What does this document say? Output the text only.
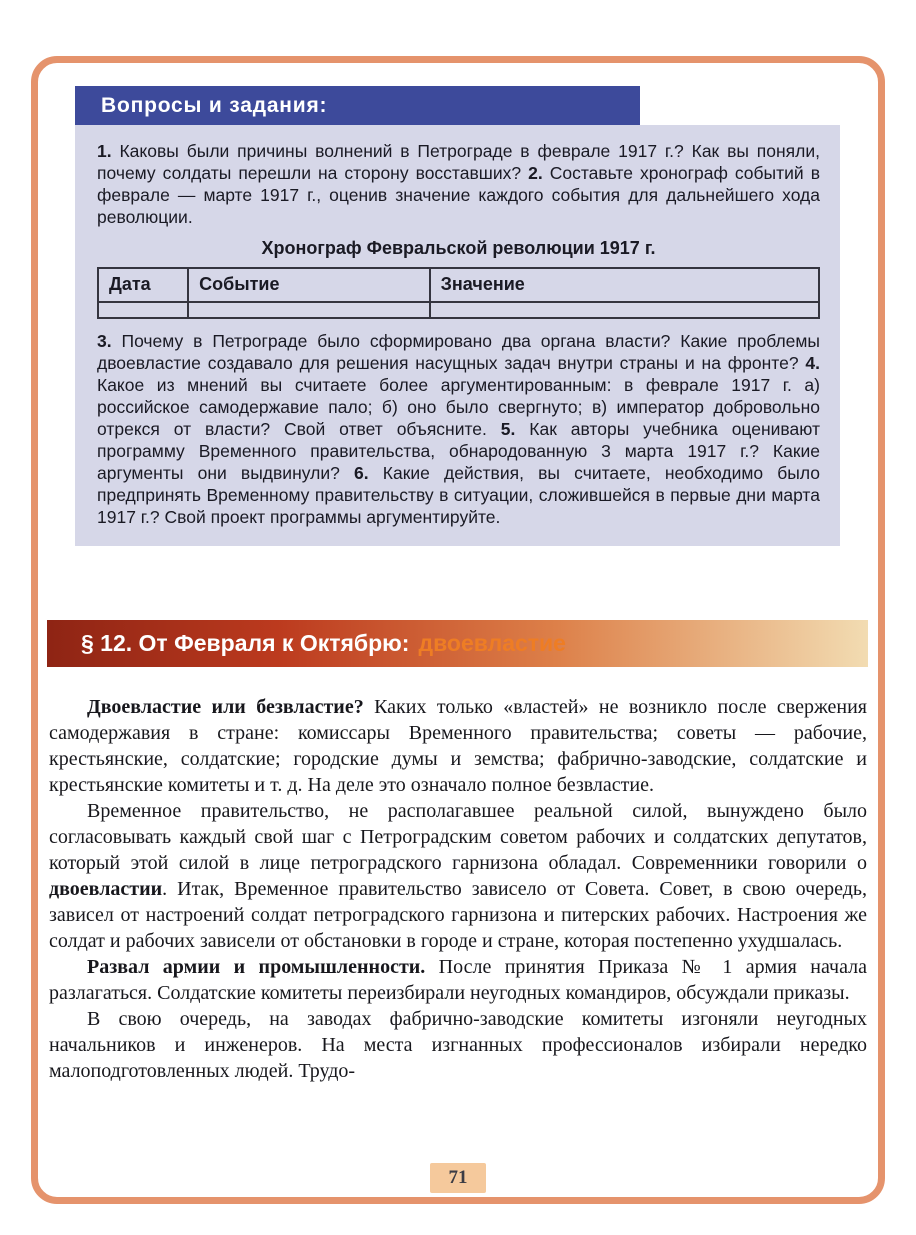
Вопросы и задания:

1. Каковы были причины волнений в Петрограде в феврале 1917 г.? Как вы поняли, почему солдаты перешли на сторону восставших? 2. Составьте хронограф событий в феврале — марте 1917 г., оценив значение каждого события для дальнейшего хода революции.

Хронограф Февральской революции 1917 г.

Дата	Событие	Значение

3. Почему в Петрограде было сформировано два органа власти? Какие проблемы двоевластие создавало для решения насущных задач внутри страны и на фронте? 4. Какое из мнений вы считаете более аргументированным: в феврале 1917 г. а) российское самодержавие пало; б) оно было свергнуто; в) император добровольно отрекся от власти? Свой ответ объясните. 5. Как авторы учебника оценивают программу Временного правительства, обнародованную 3 марта 1917 г.? Какие аргументы они выдвинули? 6. Какие действия, вы считаете, необходимо было предпринять Временному правительству в ситуации, сложившейся в первые дни марта 1917 г.? Свой проект программы аргументируйте.

§ 12. От Февраля к Октябрю: двоевластие

Двоевластие или безвластие? Каких только «властей» не возникло после свержения самодержавия в стране: комиссары Временного правительства; советы — рабочие, крестьянские, солдатские; городские думы и земства; фабрично-заводские, солдатские и крестьянские комитеты и т. д. На деле это означало полное безвластие.

Временное правительство, не располагавшее реальной силой, вынуждено было согласовывать каждый свой шаг с Петроградским советом рабочих и солдатских депутатов, который этой силой в лице петроградского гарнизона обладал. Современники говорили о двоевластии. Итак, Временное правительство зависело от Совета. Совет, в свою очередь, зависел от настроений солдат петроградского гарнизона и питерских рабочих. Настроения же солдат и рабочих зависели от обстановки в городе и стране, которая постепенно ухудшалась.

Развал армии и промышленности. После принятия Приказа № 1 армия начала разлагаться. Солдатские комитеты переизбирали неугодных командиров, обсуждали приказы.

В свою очередь, на заводах фабрично-заводские комитеты изгоняли неугодных начальников и инженеров. На места изгнанных профессионалов избирали нередко малоподготовленных людей. Трудо-

71
